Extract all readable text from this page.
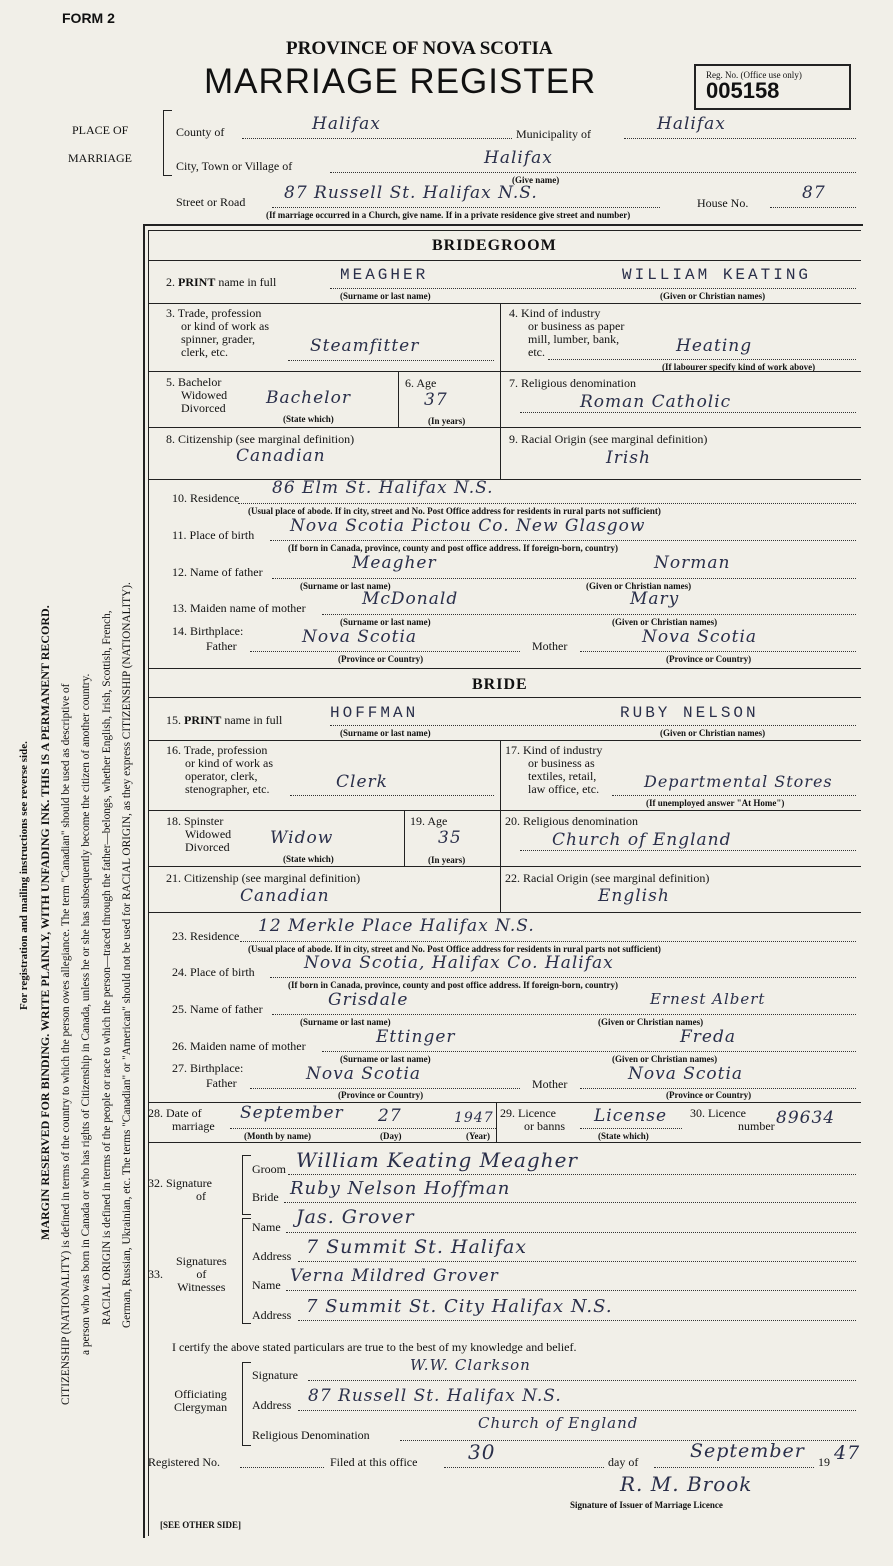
For registration and mailing instructions see reverse side. MARGIN RESERVED FOR BINDING. WRITE PLAINLY, WITH UNFADING INK. THIS IS A PERMANENT RECORD. CITIZENSHIP (NATIONALITY) is defined in terms of the country to which the person owes allegiance. The term "Canadian" should be used as descriptive of a person who was born in Canada or who has rights of Citizenship in Canada, unless he or she has subsequently become the citizen of another country. RACIAL ORIGIN is defined in terms of the people or race to which the person—traced through the father—belongs, whether English, Irish, Scottish, French, German, Russian, Ukrainian, etc. The terms "Canadian" or "American" should not be used for RACIAL ORIGIN, as they express CITIZENSHIP (NATIONALITY).
FORM 2
PROVINCE OF NOVA SCOTIA
MARRIAGE REGISTER	Reg. No. (Office use only)
005158
PLACE OF
MARRIAGE
County of	Halifax	Municipality of	Halifax
City, Town or Village of	Halifax
(Give name)
Street or Road 87 Russell St. Halifax N.S.	House No.	87
(If marriage occurred in a Church, give name. If in a private residence give street and number)
BRIDEGROOM
2. PRINT name in full	MEAGHER	WILLIAM KEATING
(Surname or last name)	(Given or Christian names)
3. Trade, profession
or kind of work as
spinner, grader,
clerk, etc.	Steamfitter
4. Kind of industry
or business as paper
mill, lumber, bank,
etc.	Heating
(If labourer specify kind of work above)
5. Bachelor
Widowed
Divorced Bachelor
(State which)
6. Age
37
(In years)
7. Religious denomination
Roman Catholic
8. Citizenship (see marginal definition)
Canadian
9. Racial Origin (see marginal definition)
Irish
10. Residence 86 Elm St. Halifax N.S.
(Usual place of abode. If in city, street and No. Post Office address for residents in rural parts not sufficient)
11. Place of birth Nova Scotia Pictou Co. New Glasgow
(If born in Canada, province, county and post office address. If foreign-born, country)
12. Name of father	Meagher	Norman
(Surname or last name)	(Given or Christian names)
13. Maiden name of mother	McDonald	Mary
(Surname or last name)	(Given or Christian names)
14. Birthplace:
Father	Nova Scotia	Mother	Nova Scotia
(Province or Country)	(Province or Country)
BRIDE
15. PRINT name in full	HOFFMAN	RUBY NELSON
(Surname or last name)	(Given or Christian names)
16. Trade, profession
or kind of work as
operator, clerk,
stenographer, etc.	Clerk
17. Kind of industry
or business as
textiles, retail,
law office, etc.	Departmental Stores
(If unemployed answer "At Home")
18. Spinster
Widowed
Divorced Widow
(State which)
19. Age
35
(In years)
20. Religious denomination
Church of England
21. Citizenship (see marginal definition)
Canadian
22. Racial Origin (see marginal definition)
English
23. Residence 12 Merkle Place Halifax N.S.
(Usual place of abode. If in city, street and No. Post Office address for residents in rural parts not sufficient)
24. Place of birth	Nova Scotia, Halifax Co. Halifax
(If born in Canada, province, county and post office address. If foreign-born, country)
25. Name of father	Grisdale	Ernest Albert
(Surname or last name)	(Given or Christian names)
26. Maiden name of mother	Ettinger	Freda
(Surname or last name)	(Given or Christian names)
27. Birthplace:
Father	Nova Scotia	Mother	Nova Scotia
(Province or Country)	(Province or Country)
28. Date of
marriage
September 27	1947
(Month by name)	(Day)	(Year)
29. Licence
or banns License
(State which)
30. Licence
number 89634
32. Signature
of
Groom William Keating Meagher
Bride Ruby Nelson Hoffman
Signatures
of
Witnesses
33.
Name Jas. Grover
Address 7 Summit St. Halifax
Name Verna Mildred Grover
Address 7 Summit St. City Halifax N.S.
I certify the above stated particulars are true to the best of my knowledge and belief.
Officiating
Clergyman
Signature
W.W. Clarkson
Address 87 Russell St. Halifax N.S.
Religious Denomination
Church of England
Registered No.	Filed at this office	30	day of	September 19 47
R. M. Brook
Signature of Issuer of Marriage Licence
[SEE OTHER SIDE]
